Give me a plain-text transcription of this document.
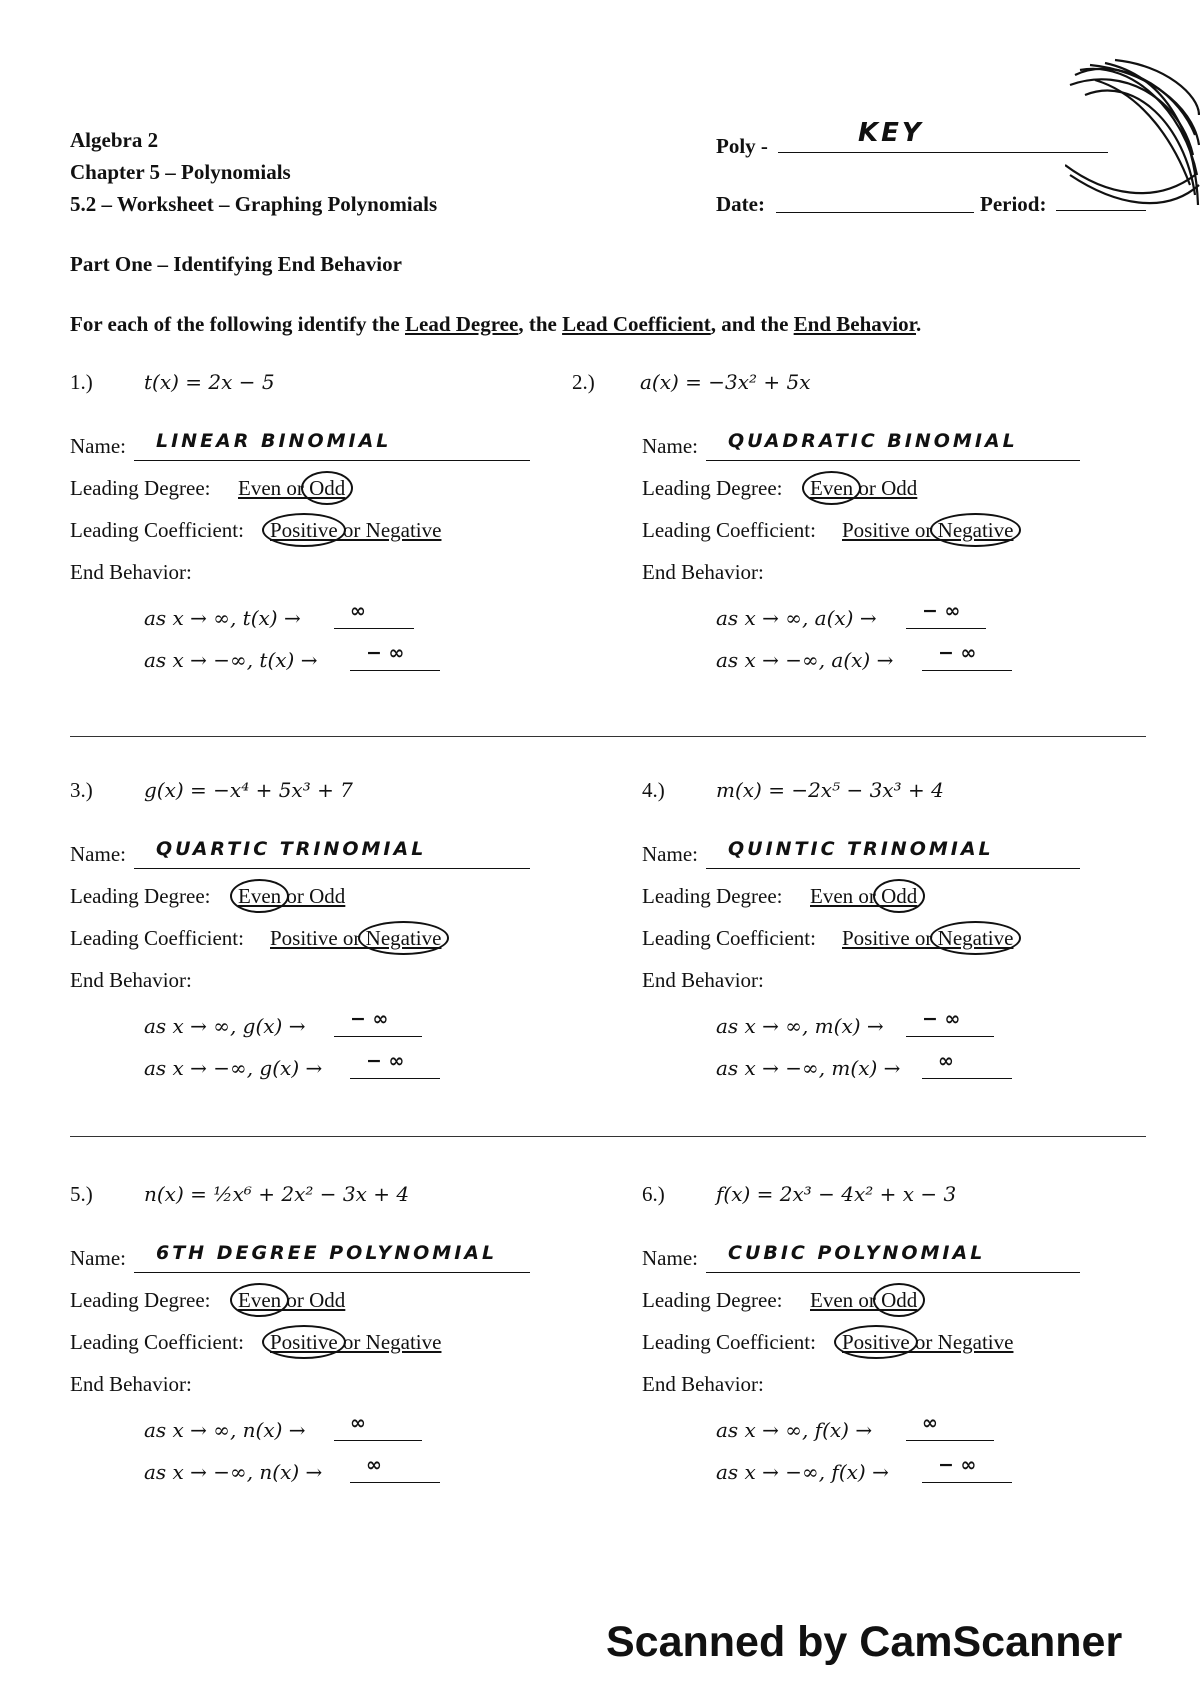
Algebra 2
Chapter 5 – Polynomials
5.2 – Worksheet – Graphing Polynomials
Poly -	KEY
Date:	Period:
Part One – Identifying End Behavior
For each of the following identify the Lead Degree, the Lead Coefficient, and the End Behavior.
1.)	t(x) = 2x − 5
Name: LINEAR BINOMIAL
Leading Degree: Even or Odd
Leading Coefficient: Positive or Negative
End Behavior:
as x → ∞, t(x) →	∞
as x → −∞, t(x) →	− ∞
2.) a(x) = −3x² + 5x
Name: QUADRATIC BINOMIAL
Leading Degree: Even or Odd
Leading Coefficient: Positive or Negative
End Behavior:
as x → ∞, a(x) → − ∞
as x → −∞, a(x) → − ∞
3.)	g(x) = −x⁴ + 5x³ + 7
Name: QUARTIC TRINOMIAL
Leading Degree: Even or Odd
Leading Coefficient: Positive or Negative
End Behavior:
as x → ∞, g(x) → − ∞
as x → −∞, g(x) → − ∞
4.)	m(x) = −2x⁵ − 3x³ + 4
Name: QUINTIC TRINOMIAL
Leading Degree: Even or Odd
Leading Coefficient: Positive or Negative
End Behavior:
as x → ∞, m(x) → − ∞
as x → −∞, m(x) → ∞
5.)	n(x) = ½x⁶ + 2x² − 3x + 4
Name: 6TH DEGREE POLYNOMIAL
Leading Degree: Even or Odd
Leading Coefficient: Positive or Negative
End Behavior:
as x → ∞, n(x) → ∞
as x → −∞, n(x) → ∞
6.)	f(x) = 2x³ − 4x² + x − 3
Name: CUBIC POLYNOMIAL
Leading Degree: Even or Odd
Leading Coefficient: Positive or Negative
End Behavior:
as x → ∞, f(x) →	∞
as x → −∞, f(x) →	− ∞
Scanned by CamScanner
